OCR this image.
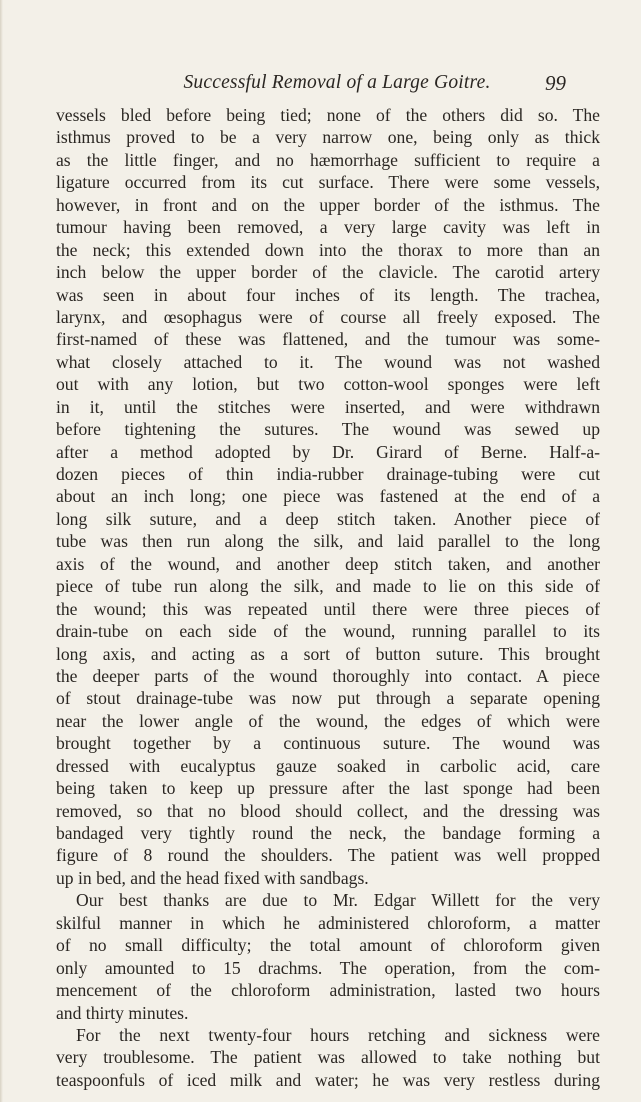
Successful Removal of a Large Goitre.	99
vessels bled before being tied; none of the others did so. The
isthmus proved to be a very narrow one, being only as thick
as the little finger, and no hæmorrhage sufficient to require a
ligature occurred from its cut surface. There were some vessels,
however, in front and on the upper border of the isthmus. The
tumour having been removed, a very large cavity was left in
the neck; this extended down into the thorax to more than an
inch below the upper border of the clavicle. The carotid artery
was seen in about four inches of its length. The trachea,
larynx, and œsophagus were of course all freely exposed. The
first-named of these was flattened, and the tumour was some-
what closely attached to it. The wound was not washed
out with any lotion, but two cotton-wool sponges were left
in it, until the stitches were inserted, and were withdrawn
before tightening the sutures. The wound was sewed up
after a method adopted by Dr. Girard of Berne. Half-a-
dozen pieces of thin india-rubber drainage-tubing were cut
about an inch long; one piece was fastened at the end of a
long silk suture, and a deep stitch taken. Another piece of
tube was then run along the silk, and laid parallel to the long
axis of the wound, and another deep stitch taken, and another
piece of tube run along the silk, and made to lie on this side of
the wound; this was repeated until there were three pieces of
drain-tube on each side of the wound, running parallel to its
long axis, and acting as a sort of button suture. This brought
the deeper parts of the wound thoroughly into contact. A piece
of stout drainage-tube was now put through a separate opening
near the lower angle of the wound, the edges of which were
brought together by a continuous suture. The wound was
dressed with eucalyptus gauze soaked in carbolic acid, care
being taken to keep up pressure after the last sponge had been
removed, so that no blood should collect, and the dressing was
bandaged very tightly round the neck, the bandage forming a
figure of 8 round the shoulders. The patient was well propped
up in bed, and the head fixed with sandbags.
Our best thanks are due to Mr. Edgar Willett for the very
skilful manner in which he administered chloroform, a matter
of no small difficulty; the total amount of chloroform given
only amounted to 15 drachms. The operation, from the com-
mencement of the chloroform administration, lasted two hours
and thirty minutes.
For the next twenty-four hours retching and sickness were
very troublesome. The patient was allowed to take nothing but
teaspoonfuls of iced milk and water; he was very restless during
